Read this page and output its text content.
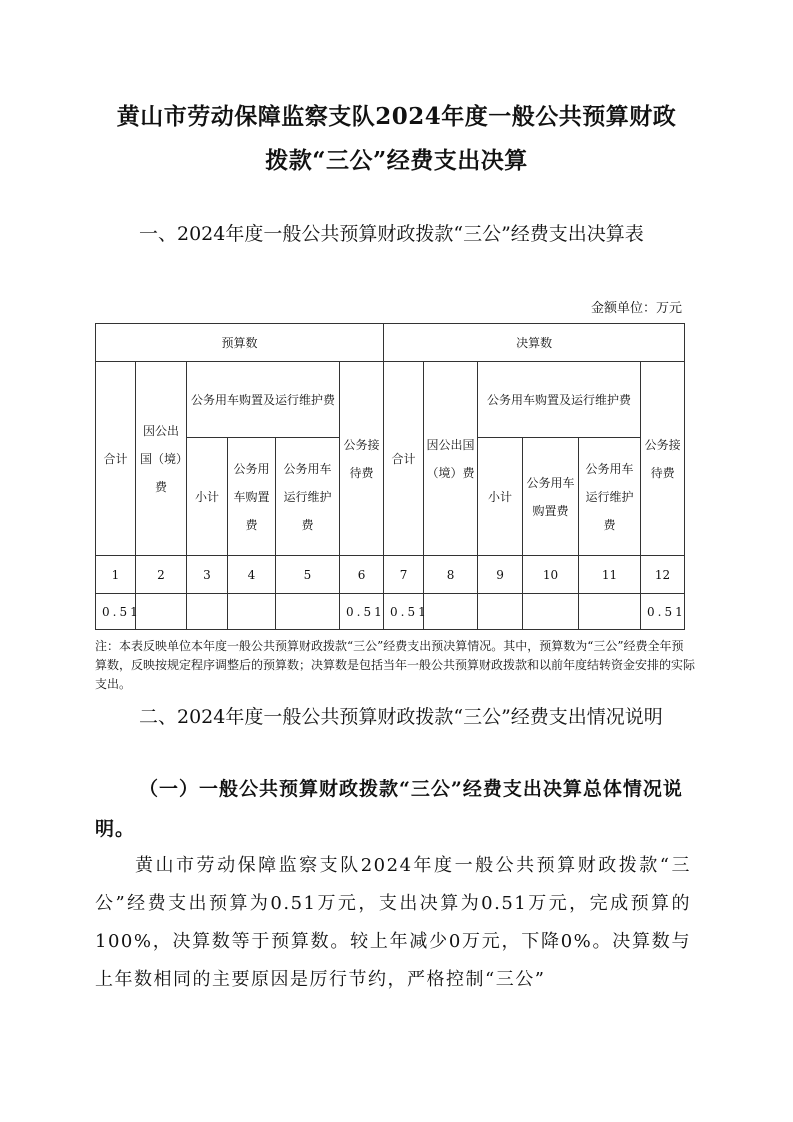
黄山市劳动保障监察支队2024年度一般公共预算财政
拨款“三公”经费支出决算
一、2024年度一般公共预算财政拨款“三公”经费支出决算表
金额单位：万元
预算数						决算数					
合计	因公出国（境）费	公务用车购置及运行维护费			公务接待费	合计	因公出国（境）费	公务用车购置及运行维护费			公务接待费
		小计	公务用车购置费	公务用车运行维护费				小计	公务用车购置费	公务用车运行维护费	
1	2	3	4	5	6	7	8	9	10	11	12
0.51					0.51	0.51					0.51
注：本表反映单位本年度一般公共预算财政拨款“三公”经费支出预决算情况。其中，预算数为“三公”经费全年预算数，反映按规定程序调整后的预算数；决算数是包括当年一般公共预算财政拨款和以前年度结转资金安排的实际支出。
二、2024年度一般公共预算财政拨款“三公”经费支出情况说明
（一）一般公共预算财政拨款“三公”经费支出决算总体情况说明。
黄山市劳动保障监察支队2024年度一般公共预算财政拨款“三公”经费支出预算为0.51万元，支出决算为0.51万元，完成预算的100%，决算数等于预算数。较上年减少0万元，下降0%。决算数与上年数相同的主要原因是厉行节约，严格控制“三公”
